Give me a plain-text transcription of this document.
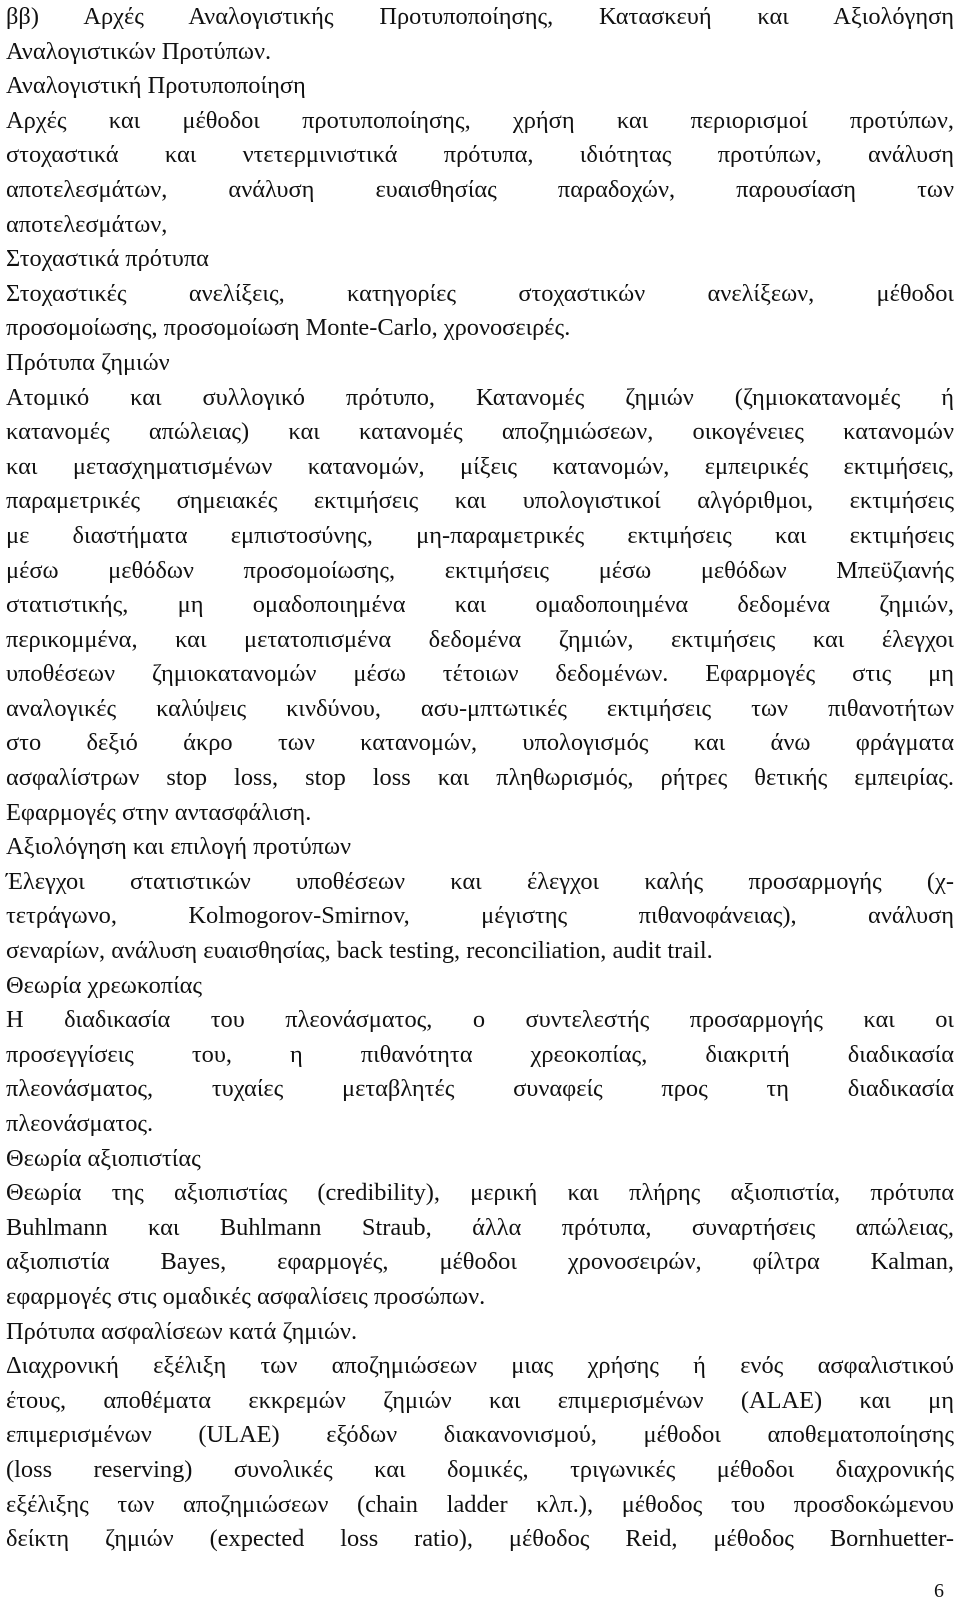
ββ) Αρχές Αναλογιστικής Προτυποποίησης, Κατασκευή και Αξιολόγηση
Αναλογιστικών Προτύπων.
Αναλογιστική Προτυποποίηση
Αρχές και μέθοδοι προτυποποίησης, χρήση και περιορισμοί προτύπων,
στοχαστικά και ντετερμινιστικά πρότυπα, ιδιότητας προτύπων, ανάλυση
αποτελεσμάτων, ανάλυση ευαισθησίας παραδοχών, παρουσίαση των
αποτελεσμάτων,
Στοχαστικά πρότυπα
Στοχαστικές ανελίξεις, κατηγορίες στοχαστικών ανελίξεων, μέθοδοι
προσομοίωσης, προσομοίωση Monte-Carlo, χρονοσειρές.
Πρότυπα ζημιών
Ατομικό και συλλογικό πρότυπο, Κατανομές ζημιών (ζημιοκατανομές ή
κατανομές απώλειας) και κατανομές αποζημιώσεων, οικογένειες κατανομών
και μετασχηματισμένων κατανομών, μίξεις κατανομών, εμπειρικές εκτιμήσεις,
παραμετρικές σημειακές εκτιμήσεις και υπολογιστικοί αλγόριθμοι, εκτιμήσεις
με διαστήματα εμπιστοσύνης, μη-παραμετρικές εκτιμήσεις και εκτιμήσεις
μέσω μεθόδων προσομοίωσης, εκτιμήσεις μέσω μεθόδων Μπεϋζιανής
στατιστικής, μη ομαδοποιημένα και ομαδοποιημένα δεδομένα ζημιών,
περικομμένα, και μετατοπισμένα δεδομένα ζημιών, εκτιμήσεις και έλεγχοι
υποθέσεων ζημιοκατανομών μέσω τέτοιων δεδομένων. Εφαρμογές στις μη
αναλογικές καλύψεις κινδύνου, ασυ-μπτωτικές εκτιμήσεις των πιθανοτήτων
στο δεξιό άκρο των κατανομών, υπολογισμός και άνω φράγματα
ασφαλίστρων stop loss, stop loss και πληθωρισμός, ρήτρες θετικής εμπειρίας.
Εφαρμογές στην αντασφάλιση.
Αξιολόγηση και επιλογή προτύπων
Έλεγχοι στατιστικών υποθέσεων και έλεγχοι καλής προσαρμογής (χ-
τετράγωνο, Kolmogorov-Smirnov, μέγιστης πιθανοφάνειας), ανάλυση
σεναρίων, ανάλυση ευαισθησίας, back testing, reconciliation, audit trail.
Θεωρία χρεωκοπίας
Η διαδικασία του πλεονάσματος, ο συντελεστής προσαρμογής και οι
προσεγγίσεις του, η πιθανότητα χρεοκοπίας, διακριτή διαδικασία
πλεονάσματος, τυχαίες μεταβλητές συναφείς προς τη διαδικασία
πλεονάσματος.
Θεωρία αξιοπιστίας
Θεωρία της αξιοπιστίας (credibility), μερική και πλήρης αξιοπιστία, πρότυπα
Buhlmann και Buhlmann Straub, άλλα πρότυπα, συναρτήσεις απώλειας,
αξιοπιστία Bayes, εφαρμογές, μέθοδοι χρονοσειρών, φίλτρα Kalman,
εφαρμογές στις ομαδικές ασφαλίσεις προσώπων.
Πρότυπα ασφαλίσεων κατά ζημιών.
Διαχρονική εξέλιξη των αποζημιώσεων μιας χρήσης ή ενός ασφαλιστικού
έτους, αποθέματα εκκρεμών ζημιών και επιμερισμένων (ALAE) και μη
επιμερισμένων (ULAE) εξόδων διακανονισμού, μέθοδοι αποθεματοποίησης
(loss reserving) συνολικές και δομικές, τριγωνικές μέθοδοι διαχρονικής
εξέλιξης των αποζημιώσεων (chain ladder κλπ.), μέθοδος του προσδοκώμενου
δείκτη ζημιών (expected loss ratio), μέθοδος Reid, μέθοδος Bornhuetter-
6
